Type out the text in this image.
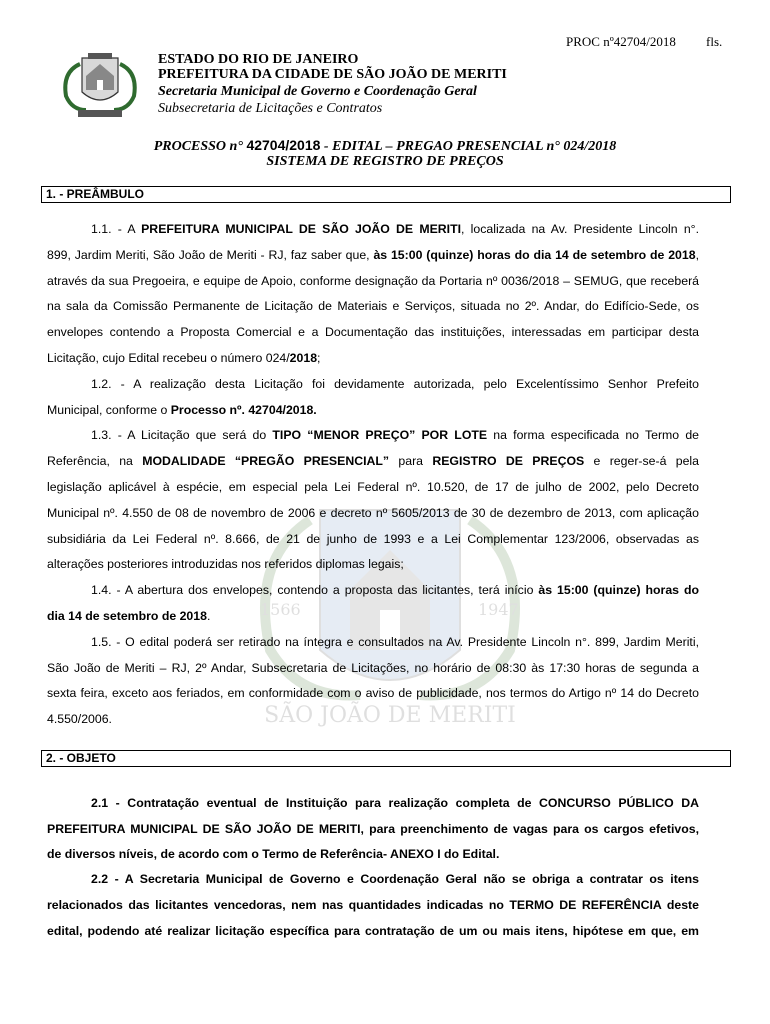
PROC nº42704/2018 fls.
1566	1947
SÃO JOÃO DE MERITI
ESTADO DO RIO DE JANEIRO
PREFEITURA DA CIDADE DE SÃO JOÃO DE MERITI
Secretaria Municipal de Governo e Coordenação Geral
Subsecretaria de Licitações e Contratos
PROCESSO n° 42704/2018 - EDITAL – PREGAO PRESENCIAL n° 024/2018
SISTEMA DE REGISTRO DE PREÇOS
1. - PREÂMBULO
1.1. - A PREFEITURA MUNICIPAL DE SÃO JOÃO DE MERITI, localizada na Av. Presidente Lincoln n°.
899, Jardim Meriti, São João de Meriti - RJ, faz saber que, às 15:00 (quinze) horas do dia 14 de setembro de 2018,
através da sua Pregoeira, e equipe de Apoio, conforme designação da Portaria nº 0036/2018 – SEMUG, que receberá
na sala da Comissão Permanente de Licitação de Materiais e Serviços, situada no 2º. Andar, do Edifício-Sede, os
envelopes contendo a Proposta Comercial e a Documentação das instituições, interessadas em participar desta
Licitação, cujo Edital recebeu o número 024/2018;
1.2. - A realização desta Licitação foi devidamente autorizada, pelo Excelentíssimo Senhor Prefeito
Municipal, conforme o Processo nº. 42704/2018.
1.3. - A Licitação que será do TIPO “MENOR PREÇO” POR LOTE na forma especificada no Termo de
Referência, na MODALIDADE “PREGÃO PRESENCIAL” para REGISTRO DE PREÇOS e reger-se-á pela
legislação aplicável à espécie, em especial pela Lei Federal nº. 10.520, de 17 de julho de 2002, pelo Decreto
Municipal nº. 4.550 de 08 de novembro de 2006 e decreto nº 5605/2013 de 30 de dezembro de 2013, com aplicação
subsidiária da Lei Federal nº. 8.666, de 21 de junho de 1993 e a Lei Complementar 123/2006, observadas as
alterações posteriores introduzidas nos referidos diplomas legais;
1.4. - A abertura dos envelopes, contendo a proposta das licitantes, terá início às 15:00 (quinze) horas do
dia 14 de setembro de 2018.
1.5. - O edital poderá ser retirado na íntegra e consultados na Av. Presidente Lincoln n°. 899, Jardim Meriti,
São João de Meriti – RJ, 2º Andar, Subsecretaria de Licitações, no horário de 08:30 às 17:30 horas de segunda a
sexta feira, exceto aos feriados, em conformidade com o aviso de publicidade, nos termos do Artigo nº 14 do Decreto
4.550/2006.
2. - OBJETO
2.1 - Contratação eventual de Instituição para realização completa de CONCURSO PÚBLICO DA
PREFEITURA MUNICIPAL DE SÃO JOÃO DE MERITI, para preenchimento de vagas para os cargos efetivos,
de diversos níveis, de acordo com o Termo de Referência- ANEXO I do Edital.
2.2 - A Secretaria Municipal de Governo e Coordenação Geral não se obriga a contratar os itens
relacionados das licitantes vencedoras, nem nas quantidades indicadas no TERMO DE REFERÊNCIA deste
edital, podendo até realizar licitação específica para contratação de um ou mais itens, hipótese em que, em
